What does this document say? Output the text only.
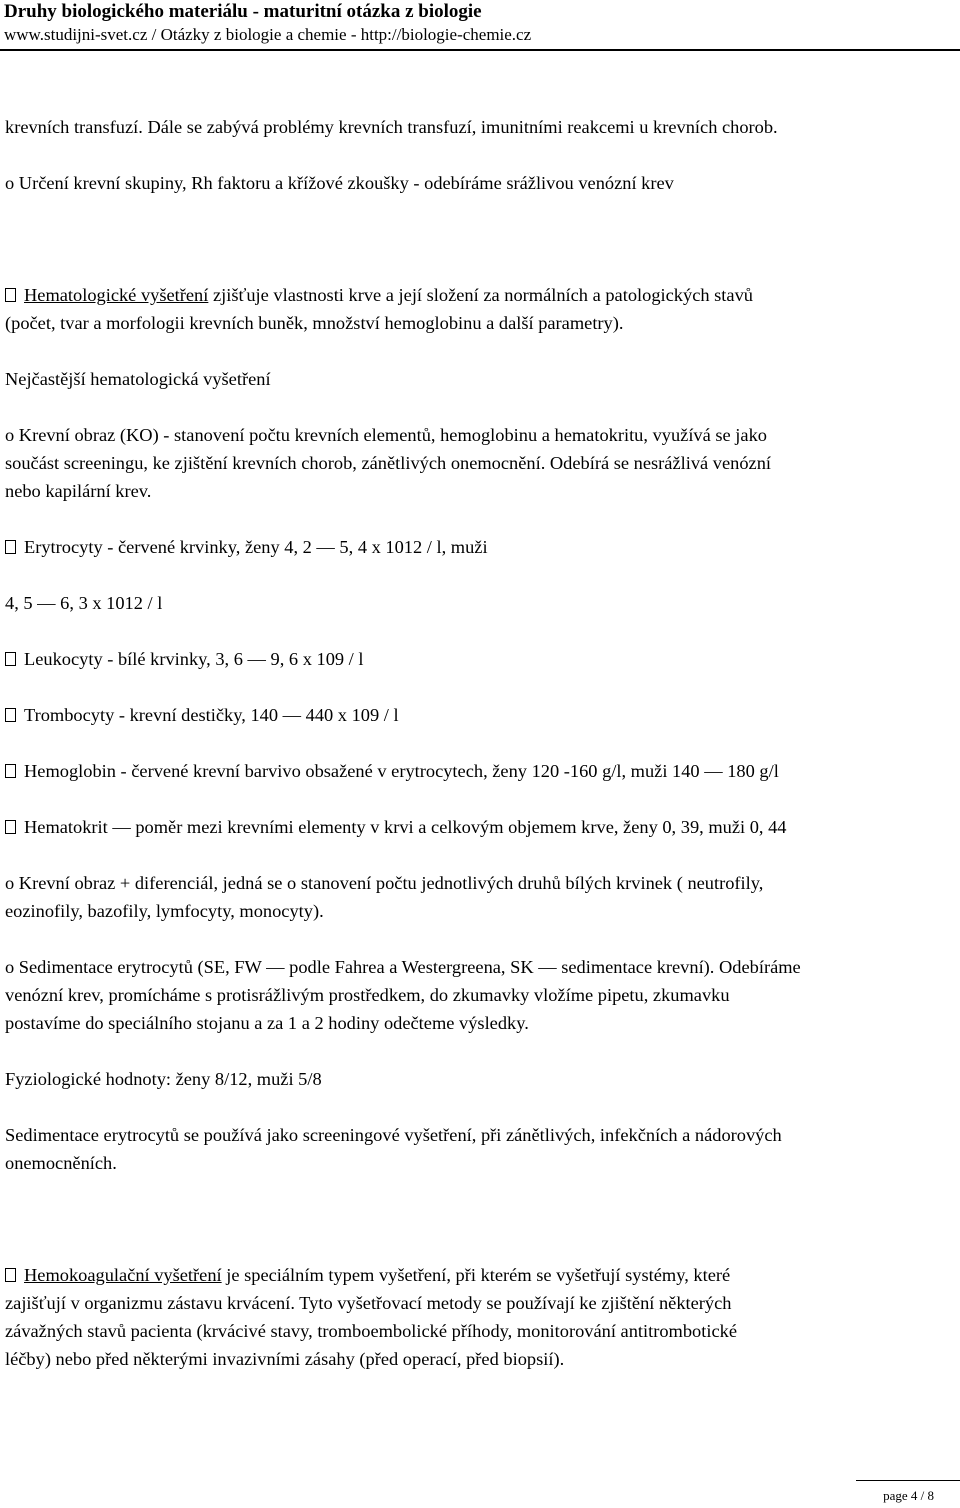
Druhy biologického materiálu - maturitní otázka z biologie
www.studijni-svet.cz / Otázky z biologie a chemie - http://biologie-chemie.cz
krevních transfuzí. Dále se zabývá problémy krevních transfuzí, imunitními reakcemi u krevních chorob.
o Určení krevní skupiny, Rh faktoru a křížové zkoušky - odebíráme srážlivou venózní krev
Hematologické vyšetření zjišťuje vlastnosti krve a její složení za normálních a patologických stavů
(počet, tvar a morfologii krevních buněk, množství hemoglobinu a další parametry).
Nejčastější hematologická vyšetření
o Krevní obraz (KO) - stanovení počtu krevních elementů, hemoglobinu a hematokritu, využívá se jako
součást screeningu, ke zjištění krevních chorob, zánětlivých onemocnění. Odebírá se nesrážlivá venózní
nebo kapilární krev.
Erytrocyty - červené krvinky, ženy 4, 2 — 5, 4 x 1012 / l, muži
4, 5 — 6, 3 x 1012 / l
Leukocyty - bílé krvinky, 3, 6 — 9, 6 x 109 / l
Trombocyty - krevní destičky, 140 — 440 x 109 / l
Hemoglobin - červené krevní barvivo obsažené v erytrocytech, ženy 120 -160 g/l, muži 140 — 180 g/l
Hematokrit — poměr mezi krevními elementy v krvi a celkovým objemem krve, ženy 0, 39, muži 0, 44
o Krevní obraz + diferenciál, jedná se o stanovení počtu jednotlivých druhů bílých krvinek ( neutrofily,
eozinofily, bazofily, lymfocyty, monocyty).
o Sedimentace erytrocytů (SE, FW — podle Fahrea a Westergreena, SK — sedimentace krevní). Odebíráme
venózní krev, promícháme s protisrážlivým prostředkem, do zkumavky vložíme pipetu, zkumavku
postavíme do speciálního stojanu a za 1 a 2 hodiny odečteme výsledky.
Fyziologické hodnoty: ženy 8/12, muži 5/8
Sedimentace erytrocytů se používá jako screeningové vyšetření, při zánětlivých, infekčních a nádorových
onemocněních.
Hemokoagulační vyšetření je speciálním typem vyšetření, při kterém se vyšetřují systémy, které
zajišťují v organizmu zástavu krvácení. Tyto vyšetřovací metody se používají ke zjištění některých
závažných stavů pacienta (krvácivé stavy, tromboembolické příhody, monitorování antitrombotické
léčby) nebo před některými invazivními zásahy (před operací, před biopsií).
page 4 / 8
